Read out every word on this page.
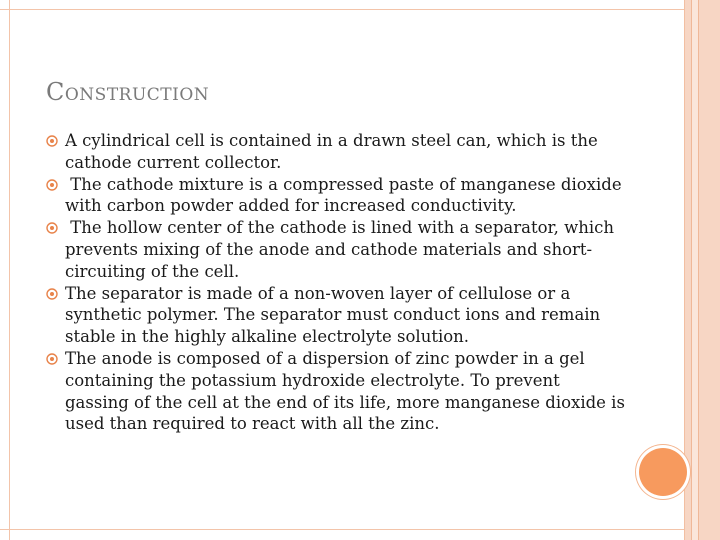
Construction
A cylindrical cell is contained in a drawn steel can, which is the cathode current collector.
The cathode mixture is a compressed paste of manganese dioxide with carbon powder added for increased conductivity.
The hollow center of the cathode is lined with a separator, which prevents mixing of the anode and cathode materials and short-circuiting of the cell.
The separator is made of a non-woven layer of cellulose or a synthetic polymer. The separator must conduct ions and remain stable in the highly alkaline electrolyte solution.
The anode is composed of a dispersion of zinc powder in a gel containing the potassium hydroxide electrolyte. To prevent gassing of the cell at the end of its life, more manganese dioxide is used than required to react with all the zinc.
